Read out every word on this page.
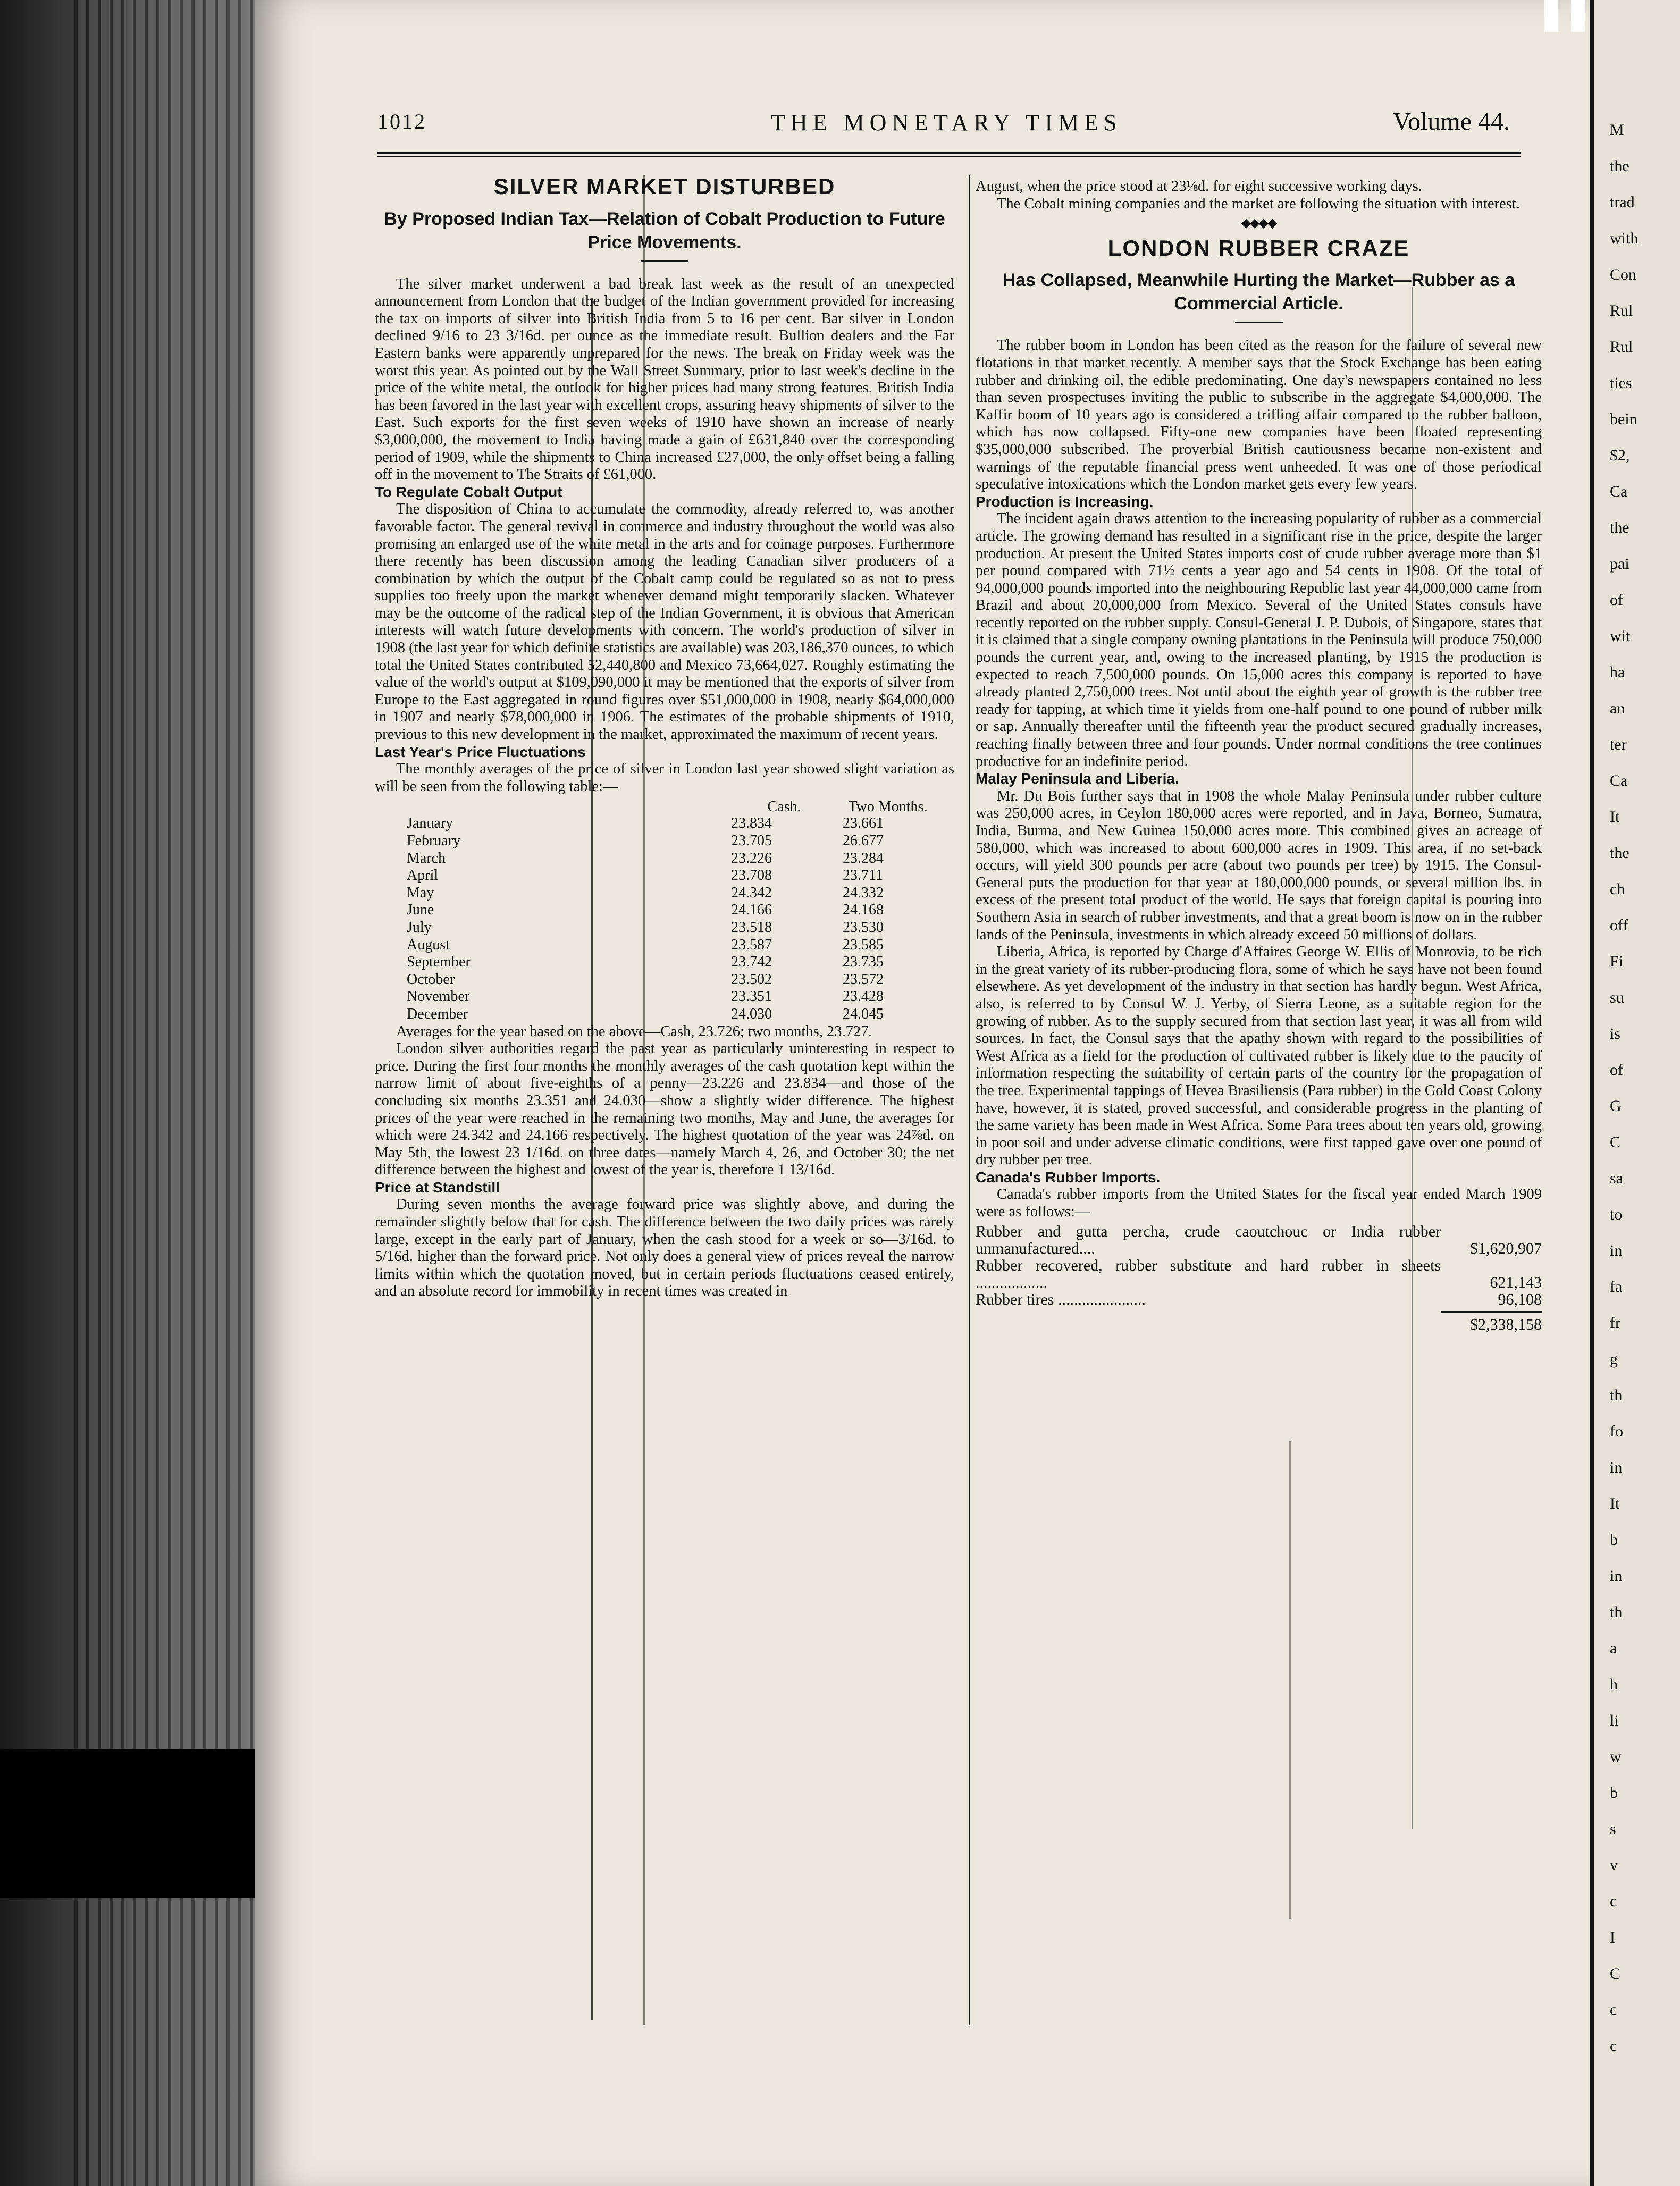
M
the
trad
with
Con
Rul
Rul
ties
bein
$2,
Ca
the
pai
of
wit
ha
an
ter
Ca
It
the
ch
off
Fi
su
is
of
G
C
sa
to
in
fa
fr
g
th
fo
in
It
b
in
th
a
h
li
w
b
s
v
c
I
C
c
c
1012	THE MONETARY TIMES	Volume 44.
SILVER MARKET DISTURBED
By Proposed Indian Tax—Relation of Cobalt Production to Future Price Movements.

The silver market underwent a bad break last week as the result of an unexpected announcement from London that the budget of the Indian government provided for increasing the tax on imports of silver into British India from 5 to 16 per cent. Bar silver in London declined 9/16 to 23 3/16d. per ounce as the immediate result. Bullion dealers and the Far Eastern banks were apparently unprepared for the news. The break on Friday week was the worst this year. As pointed out by the Wall Street Summary, prior to last week's decline in the price of the white metal, the outlook for higher prices had many strong features. British India has been favored in the last year with excellent crops, assuring heavy shipments of silver to the East. Such exports for the first seven weeks of 1910 have shown an increase of nearly $3,000,000, the movement to India having made a gain of £631,840 over the corresponding period of 1909, while the shipments to China increased £27,000, the only offset being a falling off in the movement to The Straits of £61,000.

To Regulate Cobalt Output

The disposition of China to accumulate the commodity, already referred to, was another favorable factor. The general revival in commerce and industry throughout the world was also promising an enlarged use of the white metal in the arts and for coinage purposes. Furthermore there recently has been discussion among the leading Canadian silver producers of a combination by which the output of the Cobalt camp could be regulated so as not to press supplies too freely upon the market whenever demand might temporarily slacken. Whatever may be the outcome of the radical step of the Indian Government, it is obvious that American interests will watch future developments with concern. The world's production of silver in 1908 (the last year for which definite statistics are available) was 203,186,370 ounces, to which total the United States contributed 52,440,800 and Mexico 73,664,027. Roughly estimating the value of the world's output at $109,090,000 it may be mentioned that the exports of silver from Europe to the East aggregated in round figures over $51,000,000 in 1908, nearly $64,000,000 in 1907 and nearly $78,000,000 in 1906. The estimates of the probable shipments of 1910, previous to this new development in the market, approximated the maximum of recent years.

Last Year's Price Fluctuations

The monthly averages of the price of silver in London last year showed slight variation as will be seen from the following table:—

	Cash.	Two Months.
January	23.834	23.661
February	23.705	26.677
March	23.226	23.284
April	23.708	23.711
May	24.342	24.332
June	24.166	24.168
July	23.518	23.530
August	23.587	23.585
September	23.742	23.735
October	23.502	23.572
November	23.351	23.428
December	24.030	24.045

Averages for the year based on the above—Cash, 23.726; two months, 23.727.

London silver authorities regard the past year as particularly uninteresting in respect to price. During the first four months the monthly averages of the cash quotation kept within the narrow limit of about five-eighths of a penny—23.226 and 23.834—and those of the concluding six months 23.351 and 24.030—show a slightly wider difference. The highest prices of the year were reached in the remaining two months, May and June, the averages for which were 24.342 and 24.166 respectively. The highest quotation of the year was 24⅞d. on May 5th, the lowest 23 1/16d. on three dates—namely March 4, 26, and October 30; the net difference between the highest and lowest of the year is, therefore 1 13/16d.

Price at Standstill

During seven months the average forward price was slightly above, and during the remainder slightly below that for cash. The difference between the two daily prices was rarely large, except in the early part of January, when the cash stood for a week or so—3/16d. to 5/16d. higher than the forward price. Not only does a general view of prices reveal the narrow limits within which the quotation moved, but in certain periods fluctuations ceased entirely, and an absolute record for immobility in recent times was created in

August, when the price stood at 23⅛d. for eight successive working days.

The Cobalt mining companies and the market are following the situation with interest.

◆◆◆◆
LONDON RUBBER CRAZE
Has Collapsed, Meanwhile Hurting the Market—Rubber as a Commercial Article.

The rubber boom in London has been cited as the reason for the failure of several new flotations in that market recently. A member says that the Stock Exchange has been eating rubber and drinking oil, the edible predominating. One day's newspapers contained no less than seven prospectuses inviting the public to subscribe in the aggregate $4,000,000. The Kaffir boom of 10 years ago is considered a trifling affair compared to the rubber balloon, which has now collapsed. Fifty-one new companies have been floated representing $35,000,000 subscribed. The proverbial British cautiousness became non-existent and warnings of the reputable financial press went unheeded. It was one of those periodical speculative intoxications which the London market gets every few years.

Production is Increasing.

The incident again draws attention to the increasing popularity of rubber as a commercial article. The growing demand has resulted in a significant rise in the price, despite the larger production. At present the United States imports cost of crude rubber average more than $1 per pound compared with 71½ cents a year ago and 54 cents in 1908. Of the total of 94,000,000 pounds imported into the neighbouring Republic last year 44,000,000 came from Brazil and about 20,000,000 from Mexico. Several of the United States consuls have recently reported on the rubber supply. Consul-General J. P. Dubois, of Singapore, states that it is claimed that a single company owning plantations in the Peninsula will produce 750,000 pounds the current year, and, owing to the increased planting, by 1915 the production is expected to reach 7,500,000 pounds. On 15,000 acres this company is reported to have already planted 2,750,000 trees. Not until about the eighth year of growth is the rubber tree ready for tapping, at which time it yields from one-half pound to one pound of rubber milk or sap. Annually thereafter until the fifteenth year the product secured gradually increases, reaching finally between three and four pounds. Under normal conditions the tree continues productive for an indefinite period.

Malay Peninsula and Liberia.

Mr. Du Bois further says that in 1908 the whole Malay Peninsula under rubber culture was 250,000 acres, in Ceylon 180,000 acres were reported, and in Java, Borneo, Sumatra, India, Burma, and New Guinea 150,000 acres more. This combined gives an acreage of 580,000, which was increased to about 600,000 acres in 1909. This area, if no set-back occurs, will yield 300 pounds per acre (about two pounds per tree) by 1915. The Consul-General puts the production for that year at 180,000,000 pounds, or several million lbs. in excess of the present total product of the world. He says that foreign capital is pouring into Southern Asia in search of rubber investments, and that a great boom is now on in the rubber lands of the Peninsula, investments in which already exceed 50 millions of dollars.

Liberia, Africa, is reported by Charge d'Affaires George W. Ellis of Monrovia, to be rich in the great variety of its rubber-producing flora, some of which he says have not been found elsewhere. As yet development of the industry in that section has hardly begun. West Africa, also, is referred to by Consul W. J. Yerby, of Sierra Leone, as a suitable region for the growing of rubber. As to the supply secured from that section last year, it was all from wild sources. In fact, the Consul says that the apathy shown with regard to the possibilities of West Africa as a field for the production of cultivated rubber is likely due to the paucity of information respecting the suitability of certain parts of the country for the propagation of the tree. Experimental tappings of Hevea Brasiliensis (Para rubber) in the Gold Coast Colony have, however, it is stated, proved successful, and considerable progress in the planting of the same variety has been made in West Africa. Some Para trees about ten years old, growing in poor soil and under adverse climatic conditions, were first tapped gave over one pound of dry rubber per tree.

Canada's Rubber Imports.

Canada's rubber imports from the United States for the fiscal year ended March 1909 were as follows:—

Rubber and gutta percha, crude caoutchouc or India rubber unmanufactured....	$1,620,907
Rubber recovered, rubber substitute and hard rubber in sheets ..................	621,143
Rubber tires ......................	96,108
$2,338,158
